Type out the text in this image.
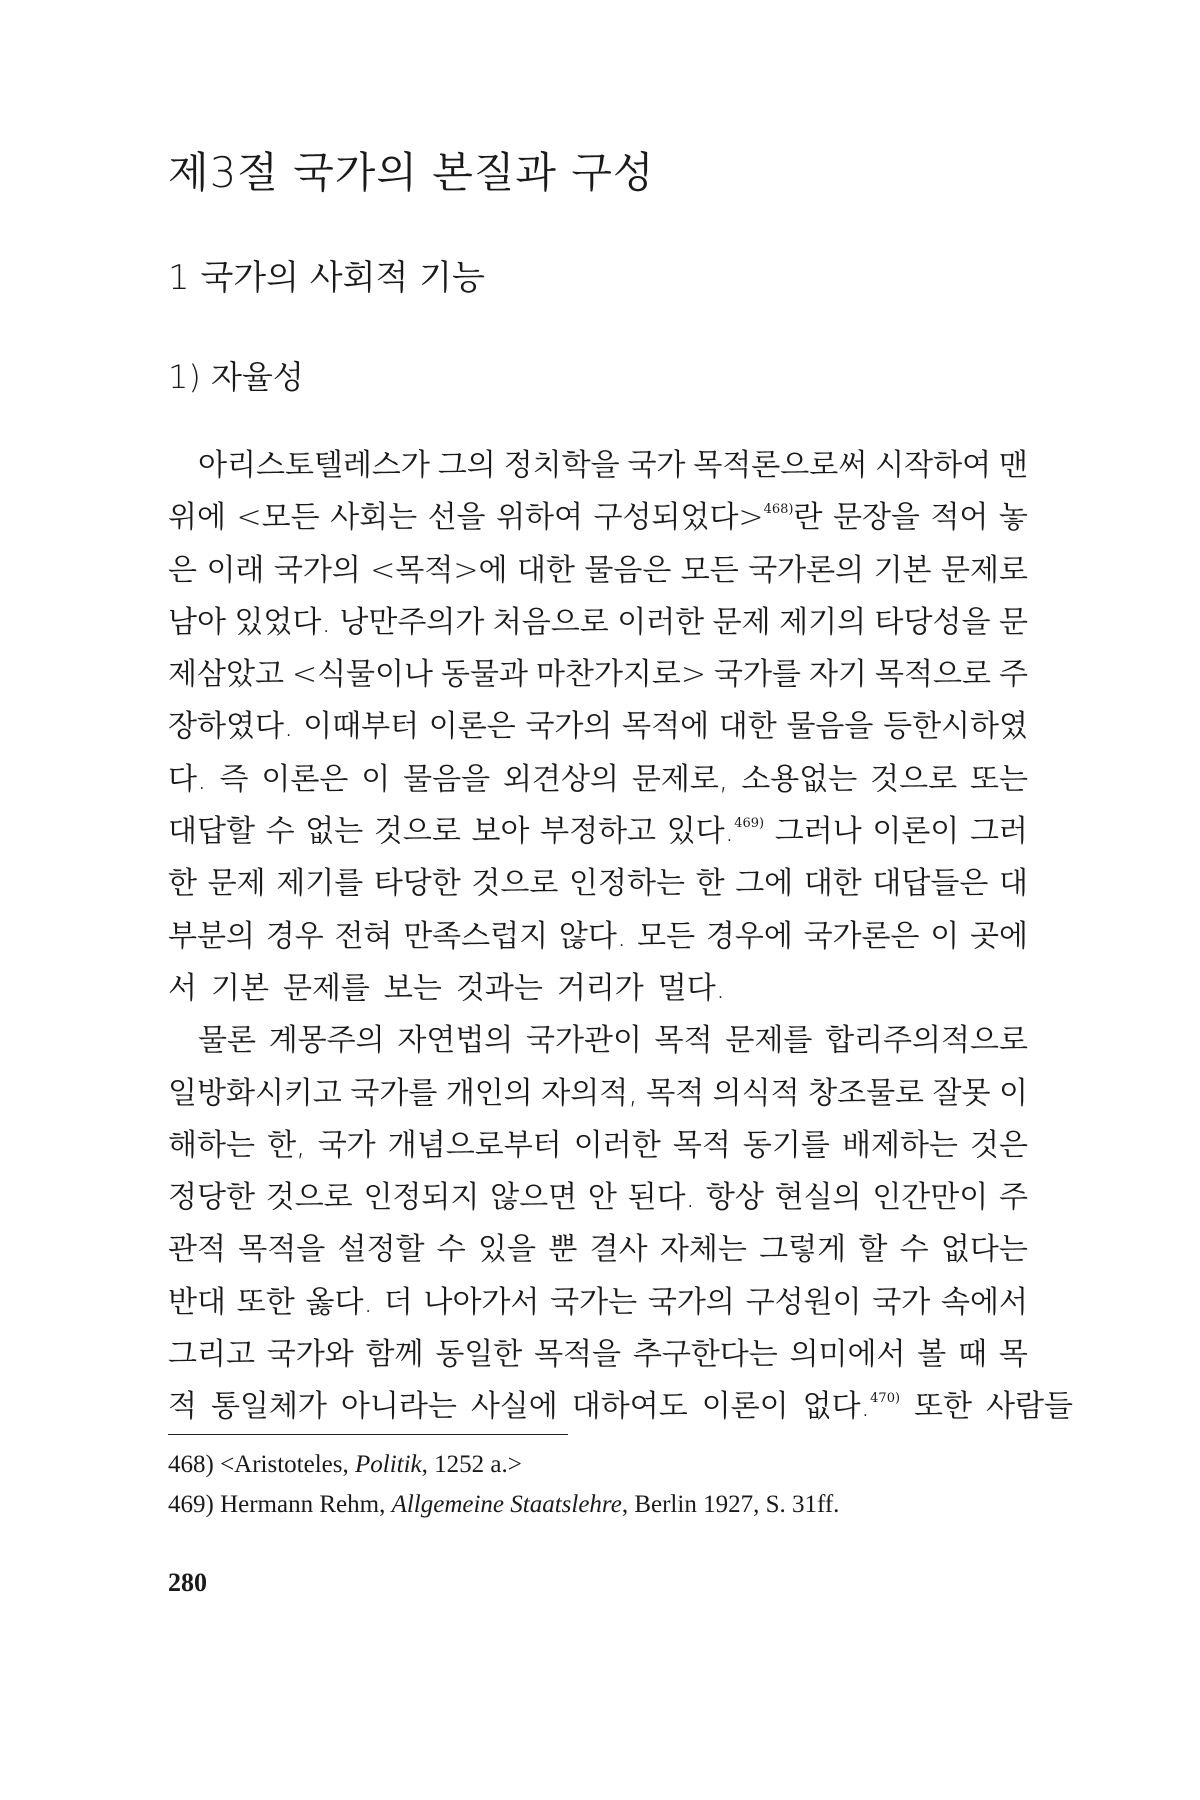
제3절 국가의 본질과 구성
1 국가의 사회적 기능
1) 자율성
아리스토텔레스가 그의 정치학을 국가 목적론으로써 시작하여 맨
위에 <모든 사회는 선을 위하여 구성되었다>$^{468)}$란 문장을 적어 놓
은 이래 국가의 <목적>에 대한 물음은 모든 국가론의 기본 문제로
남아 있었다. 낭만주의가 처음으로 이러한 문제 제기의 타당성을 문
제삼았고 <식물이나 동물과 마찬가지로> 국가를 자기 목적으로 주
장하였다. 이때부터 이론은 국가의 목적에 대한 물음을 등한시하였
다. 즉 이론은 이 물음을 외견상의 문제로, 소용없는 것으로 또는
대답할 수 없는 것으로 보아 부정하고 있다.$^{469)}$ 그러나 이론이 그러
한 문제 제기를 타당한 것으로 인정하는 한 그에 대한 대답들은 대
부분의 경우 전혀 만족스럽지 않다. 모든 경우에 국가론은 이 곳에
서 기본 문제를 보는 것과는 거리가 멀다.
물론 계몽주의 자연법의 국가관이 목적 문제를 합리주의적으로
일방화시키고 국가를 개인의 자의적, 목적 의식적 창조물로 잘못 이
해하는 한, 국가 개념으로부터 이러한 목적 동기를 배제하는 것은
정당한 것으로 인정되지 않으면 안 된다. 항상 현실의 인간만이 주
관적 목적을 설정할 수 있을 뿐 결사 자체는 그렇게 할 수 없다는
반대 또한 옳다. 더 나아가서 국가는 국가의 구성원이 국가 속에서
그리고 국가와 함께 동일한 목적을 추구한다는 의미에서 볼 때 목
적 통일체가 아니라는 사실에 대하여도 이론이 없다.$^{470)}$ 또한 사람들
468) <Aristoteles, Politik, 1252 a.>
469) Hermann Rehm, Allgemeine Staatslehre, Berlin 1927, S. 31ff.
280
